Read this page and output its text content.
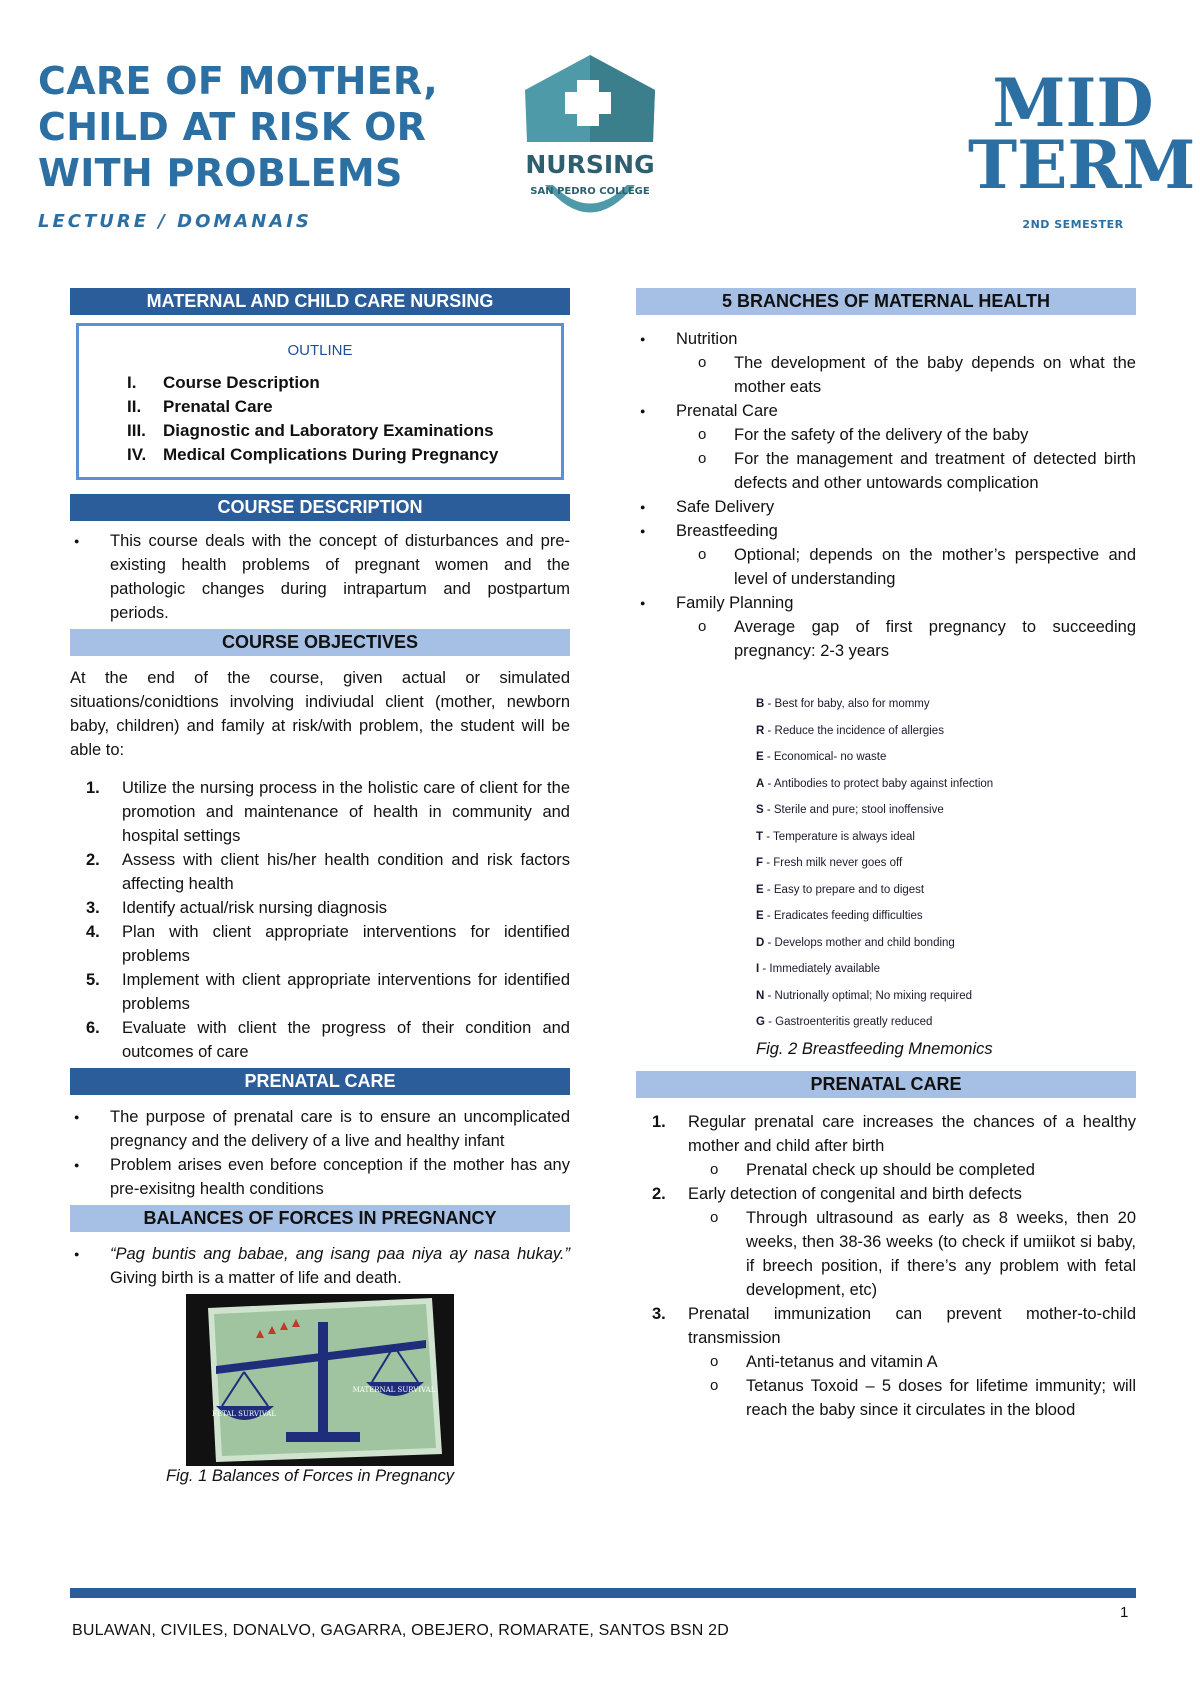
CARE OF MOTHER,
CHILD AT RISK OR
WITH PROBLEMS
LECTURE / DOMANAIS
NURSING
SAN PEDRO COLLEGE
MID
TERM
2ND SEMESTER
MATERNAL AND CHILD CARE NURSING
OUTLINE
I.	Course Description
II.	Prenatal Care
III.	Diagnostic and Laboratory Examinations
IV.	Medical Complications During Pregnancy
COURSE DESCRIPTION
● This course deals with the concept of disturbances and pre-existing health problems of pregnant women and the pathologic changes during intrapartum and postpartum periods.
COURSE OBJECTIVES

At the end of the course, given actual or simulated situations/conidtions involving indiviudal client (mother, newborn baby, children) and family at risk/with problem, the student will be able to:

1. Utilize the nursing process in the holistic care of client for the promotion and maintenance of health in community and hospital settings
2. Assess with client his/her health condition and risk factors affecting health
3. Identify actual/risk nursing diagnosis
4. Plan with client appropriate interventions for identified problems
5. Implement with client appropriate interventions for identified problems
6. Evaluate with client the progress of their condition and outcomes of care
PRENATAL CARE
● The purpose of prenatal care is to ensure an uncomplicated pregnancy and the delivery of a live and healthy infant
● Problem arises even before conception if the mother has any pre-exisitng health conditions
BALANCES OF FORCES IN PREGNANCY
● “Pag buntis ang babae, ang isang paa niya ay nasa hukay.” Giving birth is a matter of life and death.
FETAL SURVIVAL
MATERNAL SURVIVAL
Fig. 1 Balances of Forces in Pregnancy
5 BRANCHES OF MATERNAL HEALTH
● Nutrition
o The development of the baby depends on what the mother eats
● Prenatal Care
o For the safety of the delivery of the baby
o For the management and treatment of detected birth defects and other untowards complication
● Safe Delivery
● Breastfeeding
o Optional; depends on the mother’s perspective and level of understanding
● Family Planning
o Average gap of first pregnancy to succeeding pregnancy: 2-3 years
B - Best for baby, also for mommy
R - Reduce the incidence of allergies
E - Economical- no waste
A - Antibodies to protect baby against infection
S - Sterile and pure; stool inoffensive
T - Temperature is always ideal
F - Fresh milk never goes off
E - Easy to prepare and to digest
E - Eradicates feeding difficulties
D - Develops mother and child bonding
I - Immediately available
N - Nutrionally optimal; No mixing required
G - Gastroenteritis greatly reduced
Fig. 2 Breastfeeding Mnemonics
PRENATAL CARE
1. Regular prenatal care increases the chances of a healthy mother and child after birth
o Prenatal check up should be completed
2. Early detection of congenital and birth defects
o Through ultrasound as early as 8 weeks, then 20 weeks, then 38-36 weeks (to check if umiikot si baby, if breech position, if there’s any problem with fetal development, etc)
3. Prenatal immunization can prevent mother-to-child transmission
o Anti-tetanus and vitamin A
o Tetanus Toxoid – 5 doses for lifetime immunity; will reach the baby since it circulates in the blood
1
BULAWAN, CIVILES, DONALVO, GAGARRA, OBEJERO, ROMARATE, SANTOS BSN 2D
